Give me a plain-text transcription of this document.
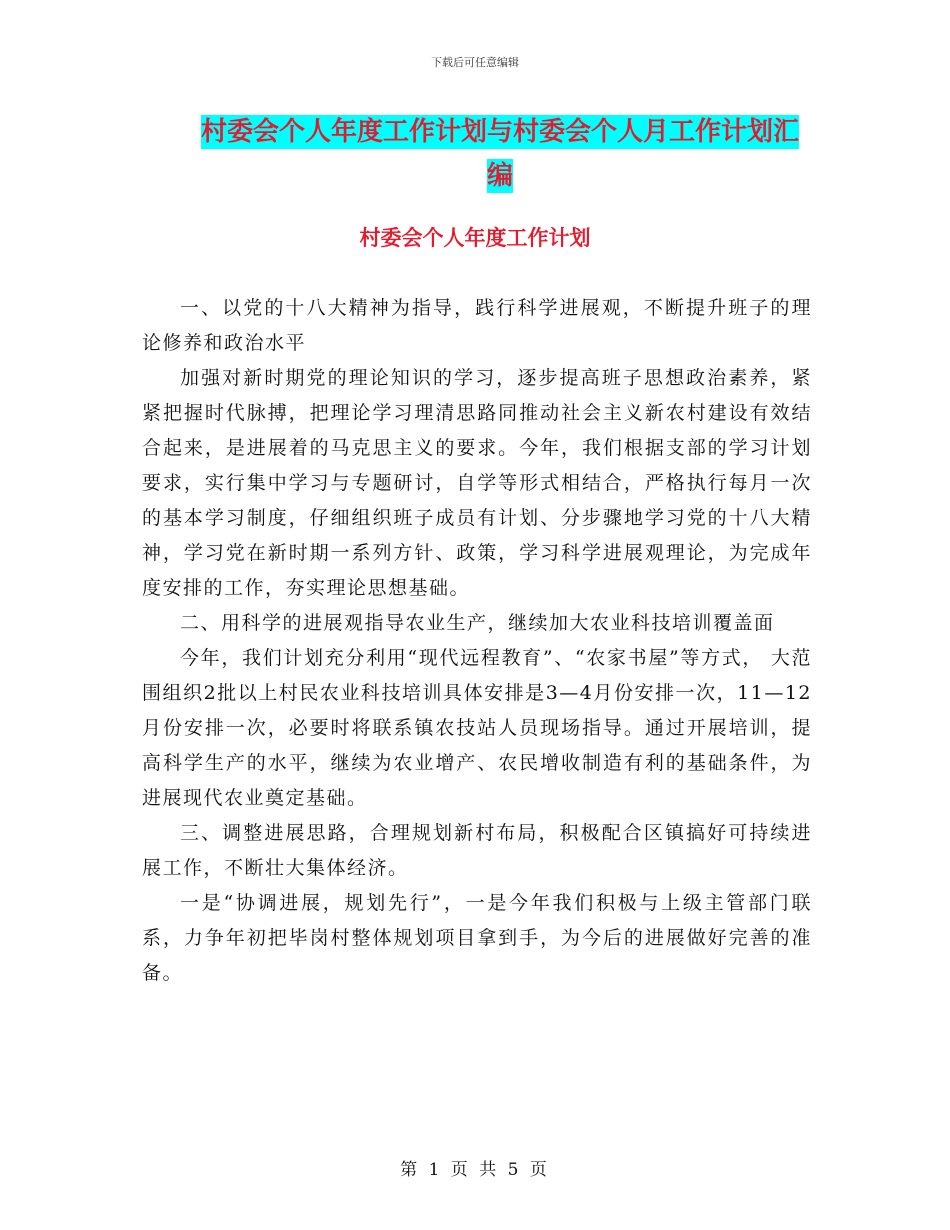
下载后可任意编辑
村委会个人年度工作计划与村委会个人月工作计划汇编
村委会个人年度工作计划

一、以党的十八大精神为指导，践行科学进展观，不断提升班子的理论修养和政治水平

加强对新时期党的理论知识的学习，逐步提高班子思想政治素养，紧紧把握时代脉搏，把理论学习理清思路同推动社会主义新农村建设有效结合起来，是进展着的马克思主义的要求。今年，我们根据支部的学习计划要求，实行集中学习与专题研讨，自学等形式相结合，严格执行每月一次的基本学习制度，仔细组织班子成员有计划、分步骤地学习党的十八大精神，学习党在新时期一系列方针、政策，学习科学进展观理论，为完成年度安排的工作，夯实理论思想基础。

二、用科学的进展观指导农业生产，继续加大农业科技培训覆盖面

今年，我们计划充分利用“现代远程教育”、“农家书屋”等方式， 大范围组织2批以上村民农业科技培训具体安排是3—4月份安排一次，11—12月份安排一次，必要时将联系镇农技站人员现场指导。通过开展培训，提高科学生产的水平，继续为农业增产、农民增收制造有利的基础条件，为进展现代农业奠定基础。

三、调整进展思路，合理规划新村布局，积极配合区镇搞好可持续进展工作，不断壮大集体经济。

一是“协调进展，规划先行”，一是今年我们积极与上级主管部门联系，力争年初把毕岗村整体规划项目拿到手，为今后的进展做好完善的准备。

第 1 页 共 5 页
